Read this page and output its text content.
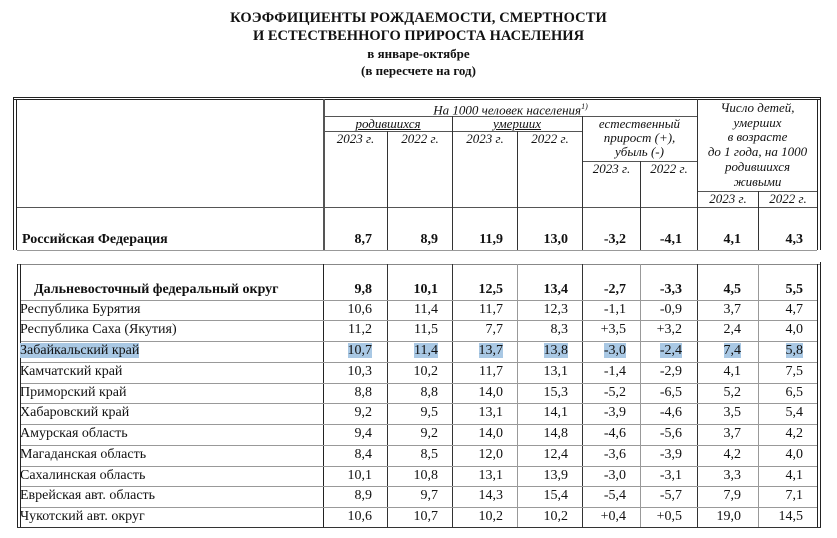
КОЭФФИЦИЕНТЫ РОЖДАЕМОСТИ, СМЕРТНОСТИ
И ЕСТЕСТВЕННОГО ПРИРОСТА НАСЕЛЕНИЯ
в январе-октябре
(в пересчете на год)
На 1000 человек населения$^{1)}$
родившихся	умерших	естественный
прирост (+),
убыль (-)
Число детей,
умерших
в возрасте
до 1 года, на 1000
родившихся
живыми
2023 г.	2022 г.	2023 г.	2022 г.
2023 г.	2022 г.
2023 г.	2022 г.
Российская Федерация	8,7	8,9	11,9	13,0	-3,2	-4,1	4,1	4,3
Дальневосточный федеральный округ	9,8	10,1	12,5	13,4	-2,7	-3,3	4,5	5,5
Республика Бурятия	10,6	11,4	11,7	12,3	-1,1	-0,9	3,7	4,7
Республика Саха (Якутия)	11,2	11,5	7,7	8,3	+3,5	+3,2	2,4	4,0
Забайкальский край	10,7	11,4	13,7	13,8	-3,0	-2,4	7,4	5,8
Камчатский край	10,3	10,2	11,7	13,1	-1,4	-2,9	4,1	7,5
Приморский край	8,8	8,8	14,0	15,3	-5,2	-6,5	5,2	6,5
Хабаровский край	9,2	9,5	13,1	14,1	-3,9	-4,6	3,5	5,4
Амурская область	9,4	9,2	14,0	14,8	-4,6	-5,6	3,7	4,2
Магаданская область	8,4	8,5	12,0	12,4	-3,6	-3,9	4,2	4,0
Сахалинская область	10,1	10,8	13,1	13,9	-3,0	-3,1	3,3	4,1
Еврейская авт. область	8,9	9,7	14,3	15,4	-5,4	-5,7	7,9	7,1
Чукотский авт. округ	10,6	10,7	10,2	10,2	+0,4	+0,5	19,0	14,5
